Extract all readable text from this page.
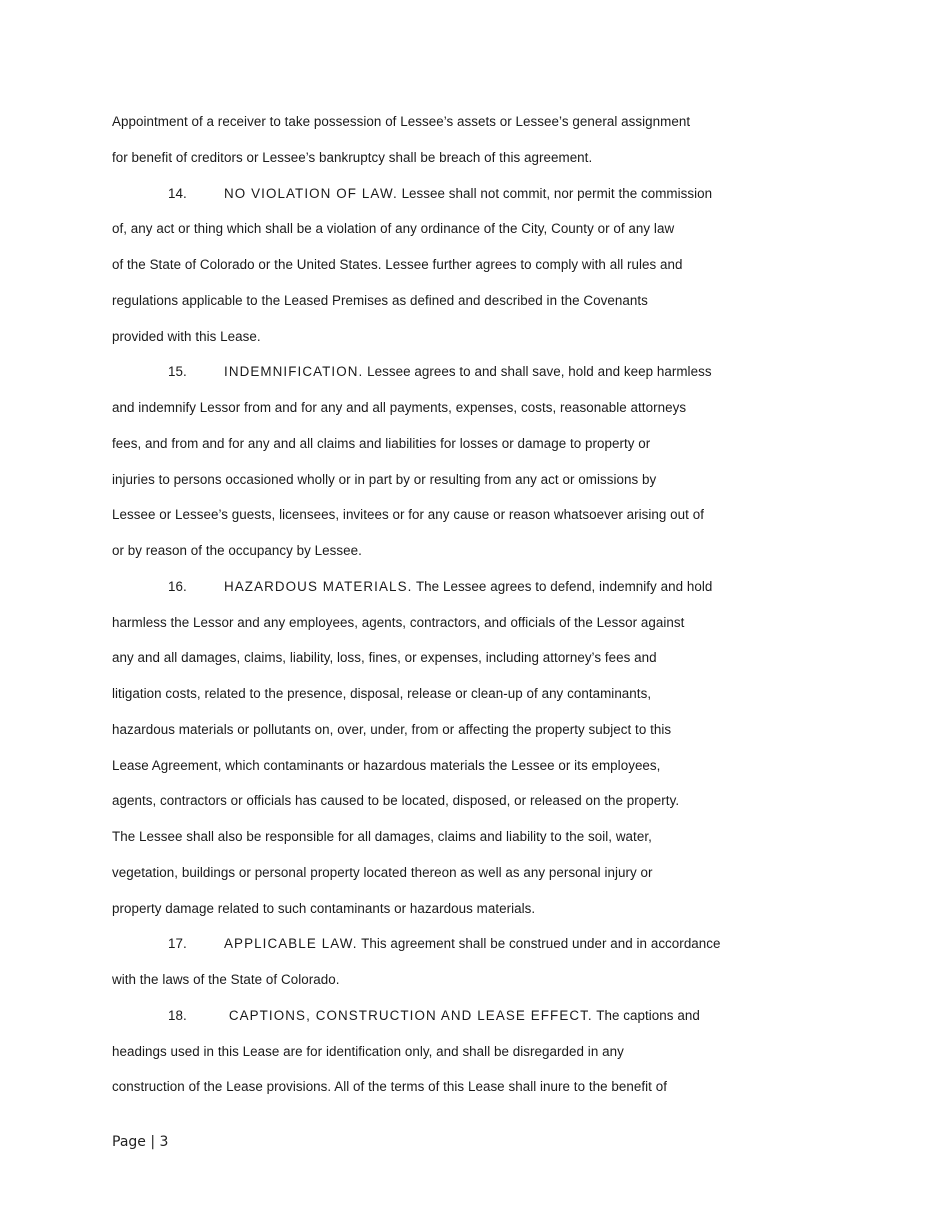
Appointment of a receiver to take possession of Lessee’s assets or Lessee’s general assignment
for benefit of creditors or Lessee’s bankruptcy shall be breach of this agreement.
14.	NO VIOLATION OF LAW. Lessee shall not commit, nor permit the commission
of, any act or thing which shall be a violation of any ordinance of the City, County or of any law
of the State of Colorado or the United States. Lessee further agrees to comply with all rules and
regulations applicable to the Leased Premises as defined and described in the Covenants
provided with this Lease.
15.	INDEMNIFICATION. Lessee agrees to and shall save, hold and keep harmless
and indemnify Lessor from and for any and all payments, expenses, costs, reasonable attorneys
fees, and from and for any and all claims and liabilities for losses or damage to property or
injuries to persons occasioned wholly or in part by or resulting from any act or omissions by
Lessee or Lessee’s guests, licensees, invitees or for any cause or reason whatsoever arising out of
or by reason of the occupancy by Lessee.
16.	HAZARDOUS MATERIALS. The Lessee agrees to defend, indemnify and hold
harmless the Lessor and any employees, agents, contractors, and officials of the Lessor against
any and all damages, claims, liability, loss, fines, or expenses, including attorney’s fees and
litigation costs, related to the presence, disposal, release or clean-up of any contaminants,
hazardous materials or pollutants on, over, under, from or affecting the property subject to this
Lease Agreement, which contaminants or hazardous materials the Lessee or its employees,
agents, contractors or officials has caused to be located, disposed, or released on the property.
The Lessee shall also be responsible for all damages, claims and liability to the soil, water,
vegetation, buildings or personal property located thereon as well as any personal injury or
property damage related to such contaminants or hazardous materials.
17.	APPLICABLE LAW. This agreement shall be construed under and in accordance
with the laws of the State of Colorado.
18.	CAPTIONS, CONSTRUCTION AND LEASE EFFECT. The captions and
headings used in this Lease are for identification only, and shall be disregarded in any
construction of the Lease provisions. All of the terms of this Lease shall inure to the benefit of
Page | 3
